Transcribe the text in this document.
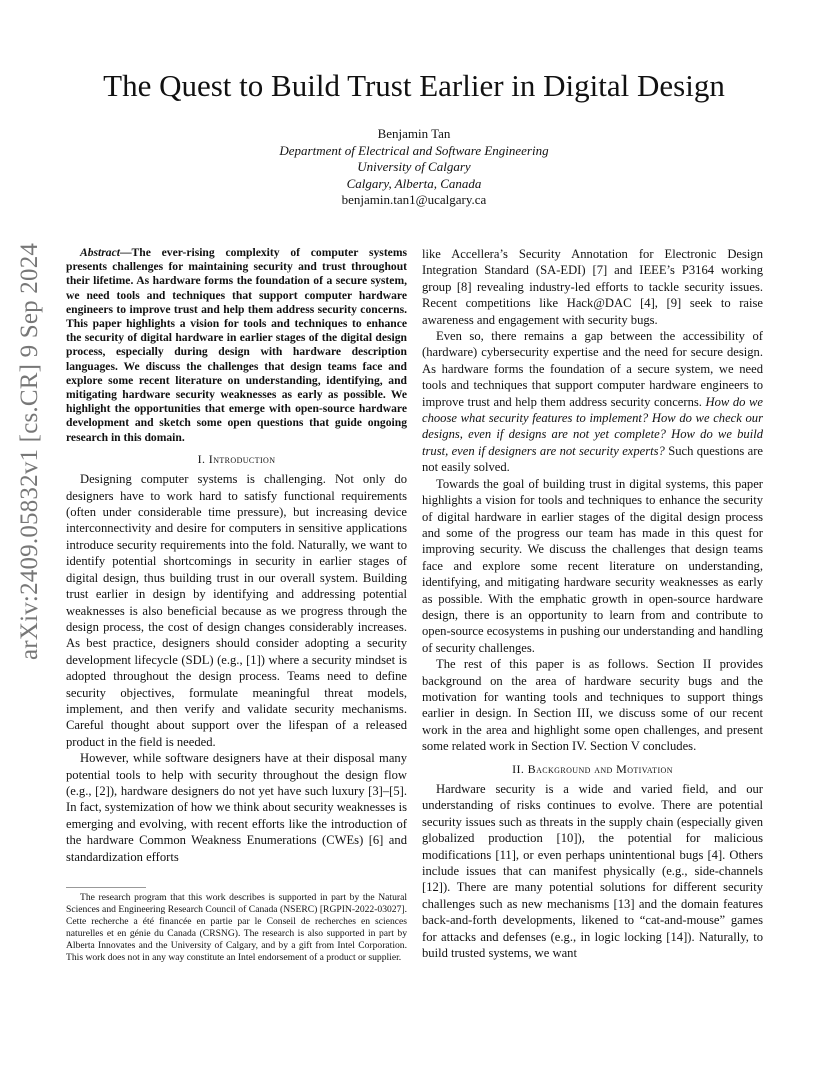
arXiv:2409.05832v1 [cs.CR] 9 Sep 2024
The Quest to Build Trust Earlier in Digital Design
Benjamin Tan
Department of Electrical and Software Engineering
University of Calgary
Calgary, Alberta, Canada
benjamin.tan1@ucalgary.ca

Abstract—The ever-rising complexity of computer systems presents challenges for maintaining security and trust throughout their lifetime. As hardware forms the foundation of a secure system, we need tools and techniques that support computer hardware engineers to improve trust and help them address security concerns. This paper highlights a vision for tools and techniques to enhance the security of digital hardware in earlier stages of the digital design process, especially during design with hardware description languages. We discuss the challenges that design teams face and explore some recent literature on understanding, identifying, and mitigating hardware security weaknesses as early as possible. We highlight the opportunities that emerge with open-source hardware development and sketch some open questions that guide ongoing research in this domain.

I. Introduction

Designing computer systems is challenging. Not only do designers have to work hard to satisfy functional requirements (often under considerable time pressure), but increasing device interconnectivity and desire for computers in sensitive applications introduce security requirements into the fold. Naturally, we want to identify potential shortcomings in security in earlier stages of digital design, thus building trust in our overall system. Building trust earlier in design by identifying and addressing potential weaknesses is also beneficial because as we progress through the design process, the cost of design changes considerably increases. As best practice, designers should consider adopting a security development lifecycle (SDL) (e.g., [1]) where a security mindset is adopted throughout the design process. Teams need to define security objectives, formulate meaningful threat models, implement, and then verify and validate security mechanisms. Careful thought about support over the lifespan of a released product in the field is needed.

However, while software designers have at their disposal many potential tools to help with security throughout the design flow (e.g., [2]), hardware designers do not yet have such luxury [3]–[5]. In fact, systemization of how we think about security weaknesses is emerging and evolving, with recent efforts like the introduction of the hardware Common Weakness Enumerations (CWEs) [6] and standardization efforts

The research program that this work describes is supported in part by the Natural Sciences and Engineering Research Council of Canada (NSERC) [RGPIN-2022-03027]. Cette recherche a été financée en partie par le Conseil de recherches en sciences naturelles et en génie du Canada (CRSNG). The research is also supported in part by Alberta Innovates and the University of Calgary, and by a gift from Intel Corporation. This work does not in any way constitute an Intel endorsement of a product or supplier.

like Accellera’s Security Annotation for Electronic Design Integration Standard (SA-EDI) [7] and IEEE’s P3164 working group [8] revealing industry-led efforts to tackle security issues. Recent competitions like Hack@DAC [4], [9] seek to raise awareness and engagement with security bugs.

Even so, there remains a gap between the accessibility of (hardware) cybersecurity expertise and the need for secure design. As hardware forms the foundation of a secure system, we need tools and techniques that support computer hardware engineers to improve trust and help them address security concerns. How do we choose what security features to implement? How do we check our designs, even if designs are not yet complete? How do we build trust, even if designers are not security experts? Such questions are not easily solved.

Towards the goal of building trust in digital systems, this paper highlights a vision for tools and techniques to enhance the security of digital hardware in earlier stages of the digital design process and some of the progress our team has made in this quest for improving security. We discuss the challenges that design teams face and explore some recent literature on understanding, identifying, and mitigating hardware security weaknesses as early as possible. With the emphatic growth in open-source hardware design, there is an opportunity to learn from and contribute to open-source ecosystems in pushing our understanding and handling of security challenges.

The rest of this paper is as follows. Section II provides background on the area of hardware security bugs and the motivation for wanting tools and techniques to support things earlier in design. In Section III, we discuss some of our recent work in the area and highlight some open challenges, and present some related work in Section IV. Section V concludes.

II. Background and Motivation

Hardware security is a wide and varied field, and our understanding of risks continues to evolve. There are potential security issues such as threats in the supply chain (especially given globalized production [10]), the potential for malicious modifications [11], or even perhaps unintentional bugs [4]. Others include issues that can manifest physically (e.g., side-channels [12]). There are many potential solutions for different security challenges such as new mechanisms [13] and the domain features back-and-forth developments, likened to “cat-and-mouse” games for attacks and defenses (e.g., in logic locking [14]). Naturally, to build trusted systems, we want
